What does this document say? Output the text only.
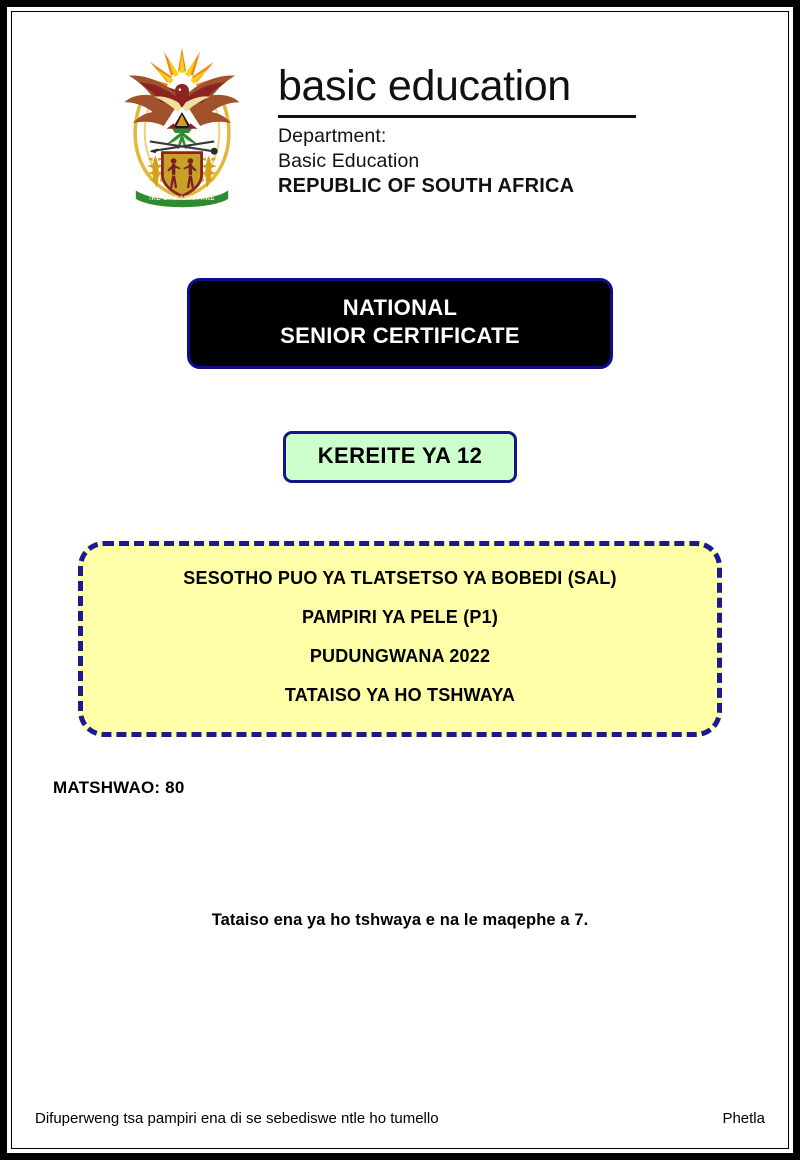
!KE E: /XARRA //KE
basic education
Department:
Basic Education
REPUBLIC OF SOUTH AFRICA
NATIONAL
SENIOR CERTIFICATE
KEREITE YA 12

SESOTHO PUO YA TLATSETSO YA BOBEDI (SAL)

PAMPIRI YA PELE (P1)

PUDUNGWANA 2022

TATAISO YA HO TSHWAYA

MATSHWAO: 80
Tataiso ena ya ho tshwaya e na le maqephe a 7.
Difuperweng tsa pampiri ena di se sebediswe ntle ho tumello	Phetla
